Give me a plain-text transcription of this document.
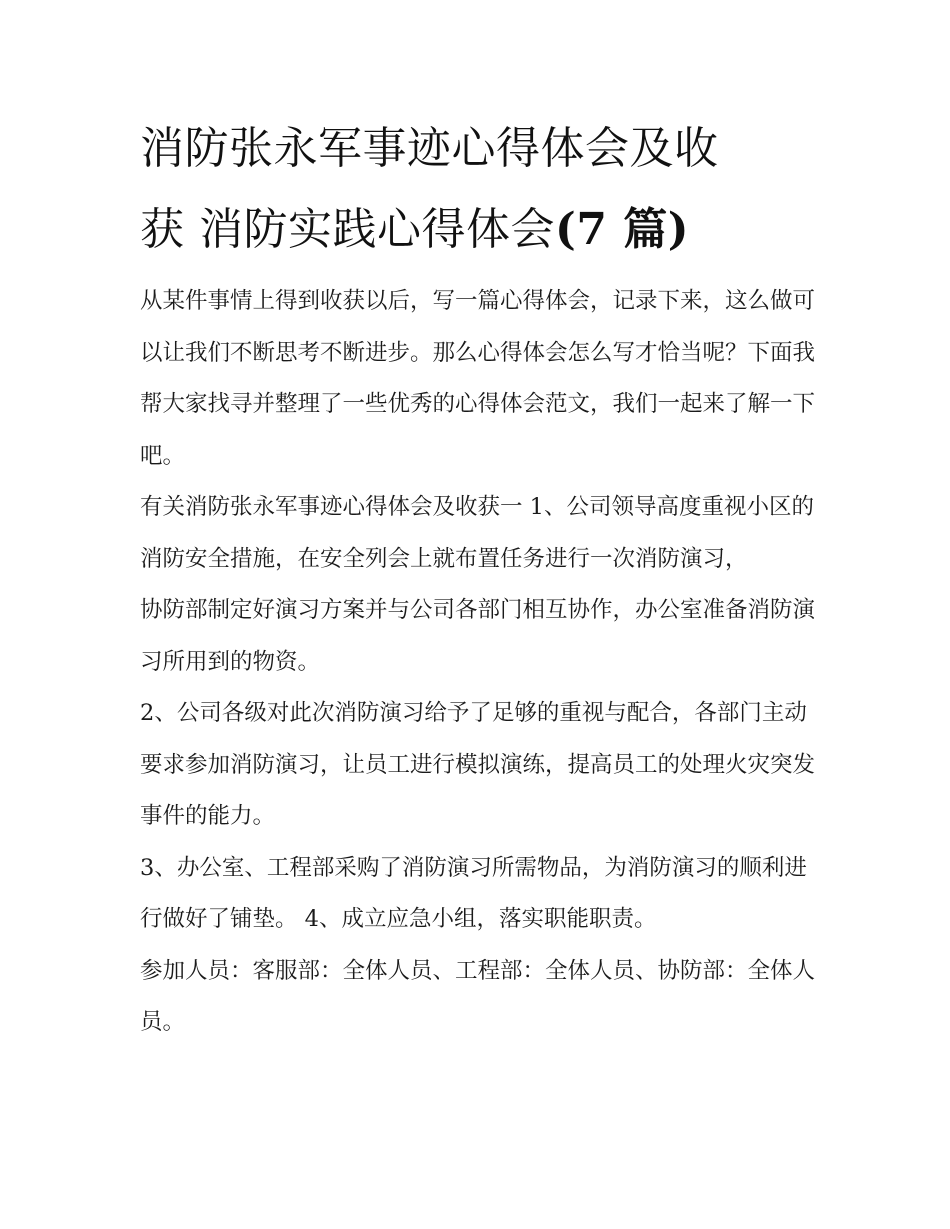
消防张永军事迹心得体会及收
获 消防实践心得体会(7 篇)

从某件事情上得到收获以后，写一篇心得体会，记录下来，这么做可以让我们不断思考不断进步。那么心得体会怎么写才恰当呢？下面我帮大家找寻并整理了一些优秀的心得体会范文，我们一起来了解一下吧。

有关消防张永军事迹心得体会及收获一 1、公司领导高度重视小区的消防安全措施，在安全列会上就布置任务进行一次消防演习，

协防部制定好演习方案并与公司各部门相互协作，办公室准备消防演习所用到的物资。

2、公司各级对此次消防演习给予了足够的重视与配合，各部门主动要求参加消防演习，让员工进行模拟演练，提高员工的处理火灾突发事件的能力。

3、办公室、工程部采购了消防演习所需物品，为消防演习的顺利进行做好了铺垫。 4、成立应急小组，落实职能职责。

参加人员：客服部：全体人员、工程部：全体人员、协防部：全体人员。
